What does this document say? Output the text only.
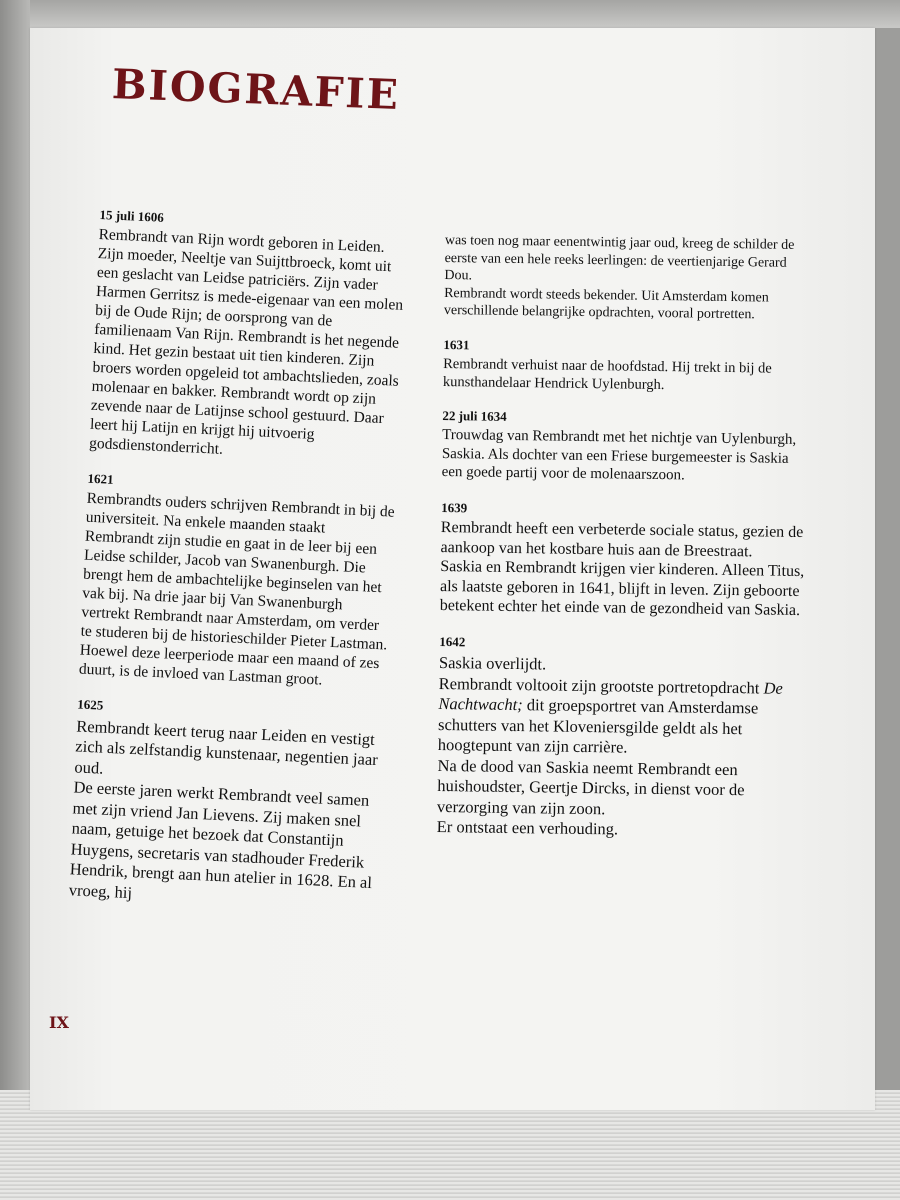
BIOGRAFIE
15 juli 1606
Rembrandt van Rijn wordt geboren in Leiden. Zijn moeder, Neeltje van Suijttbroeck, komt uit een geslacht van Leidse patriciërs. Zijn vader Harmen Gerritsz is mede-eigenaar van een molen bij de Oude Rijn; de oorsprong van de familienaam Van Rijn. Rembrandt is het negende kind. Het gezin bestaat uit tien kinderen. Zijn broers worden opgeleid tot ambachtslieden, zoals molenaar en bakker. Rembrandt wordt op zijn zevende naar de Latijnse school gestuurd. Daar leert hij Latijn en krijgt hij uitvoerig godsdienstonderricht.
1621
Rembrandts ouders schrijven Rembrandt in bij de universiteit. Na enkele maanden staakt Rembrandt zijn studie en gaat in de leer bij een Leidse schilder, Jacob van Swanenburgh. Die brengt hem de ambachtelijke beginselen van het vak bij. Na drie jaar bij Van Swanenburgh vertrekt Rembrandt naar Amsterdam, om verder te studeren bij de historieschilder Pieter Lastman. Hoewel deze leerperiode maar een maand of zes duurt, is de invloed van Lastman groot.
1625
Rembrandt keert terug naar Leiden en vestigt zich als zelfstandig kunstenaar, negentien jaar oud.
De eerste jaren werkt Rembrandt veel samen met zijn vriend Jan Lievens. Zij maken snel naam, getuige het bezoek dat Constantijn Huygens, secretaris van stadhouder Frederik Hendrik, brengt aan hun atelier in 1628. En al vroeg, hij
was toen nog maar eenentwintig jaar oud, kreeg de schilder de eerste van een hele reeks leerlingen: de veertienjarige Gerard Dou.
Rembrandt wordt steeds bekender. Uit Amsterdam komen verschillende belangrijke opdrachten, vooral portretten.
1631
Rembrandt verhuist naar de hoofdstad. Hij trekt in bij de kunsthandelaar Hendrick Uylenburgh.
22 juli 1634
Trouwdag van Rembrandt met het nichtje van Uylenburgh, Saskia. Als dochter van een Friese burgemeester is Saskia een goede partij voor de molenaarszoon.
1639
Rembrandt heeft een verbeterde sociale status, gezien de aankoop van het kostbare huis aan de Breestraat.
Saskia en Rembrandt krijgen vier kinderen. Alleen Titus, als laatste geboren in 1641, blijft in leven. Zijn geboorte betekent echter het einde van de gezondheid van Saskia.
1642
Saskia overlijdt.
Rembrandt voltooit zijn grootste portretopdracht De Nachtwacht; dit groepsportret van Amsterdamse schutters van het Kloveniersgilde geldt als het hoogtepunt van zijn carrière.
Na de dood van Saskia neemt Rembrandt een huishoudster, Geertje Dircks, in dienst voor de verzorging van zijn zoon.
Er ontstaat een verhouding.
IX
